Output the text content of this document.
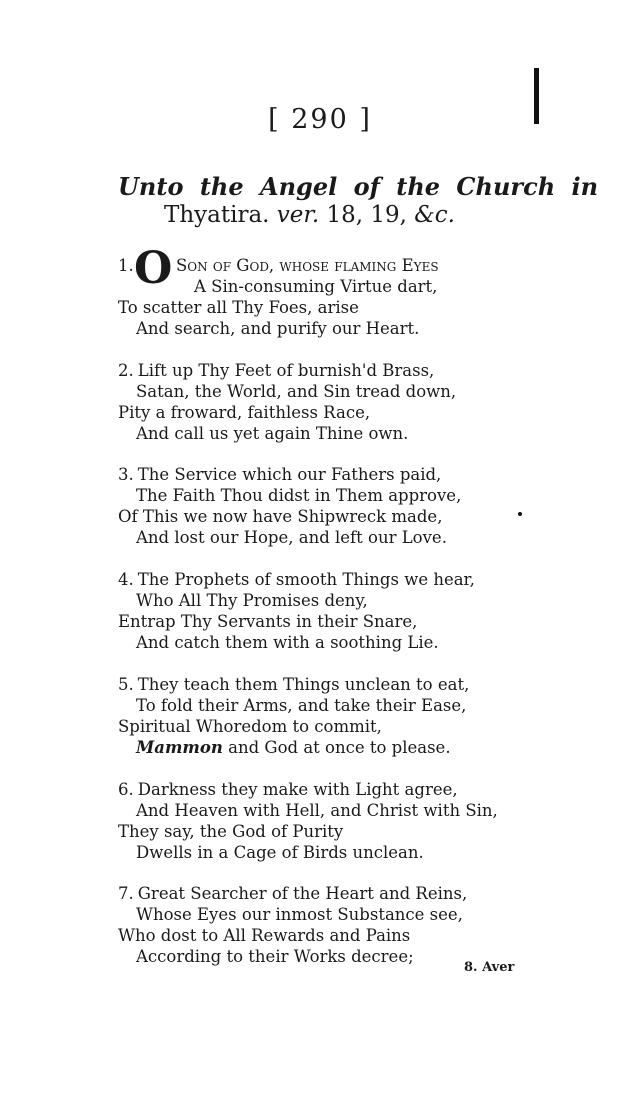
[ 290 ]
Unto the Angel of the Church in
Thyatira. ver. 18, 19, &c.
1. O Son of God, whose flaming Eyes
A Sin-consuming Virtue dart,
To scatter all Thy Foes, arise
And search, and purify our Heart.
2. Lift up Thy Feet of burnish'd Brass,
Satan, the World, and Sin tread down,
Pity a froward, faithless Race,
And call us yet again Thine own.
3. The Service which our Fathers paid,
The Faith Thou didst in Them approve,
Of This we now have Shipwreck made,
And lost our Hope, and left our Love.
4. The Prophets of smooth Things we hear,
Who All Thy Promises deny,
Entrap Thy Servants in their Snare,
And catch them with a soothing Lie.
5. They teach them Things unclean to eat,
To fold their Arms, and take their Ease,
Spiritual Whoredom to commit,
Mammon and God at once to please.
6. Darkness they make with Light agree,
And Heaven with Hell, and Christ with Sin,
They say, the God of Purity
Dwells in a Cage of Birds unclean.
7. Great Searcher of the Heart and Reins,
Whose Eyes our inmost Substance see,
Who dost to All Rewards and Pains
According to their Works decree;
8. Aver
